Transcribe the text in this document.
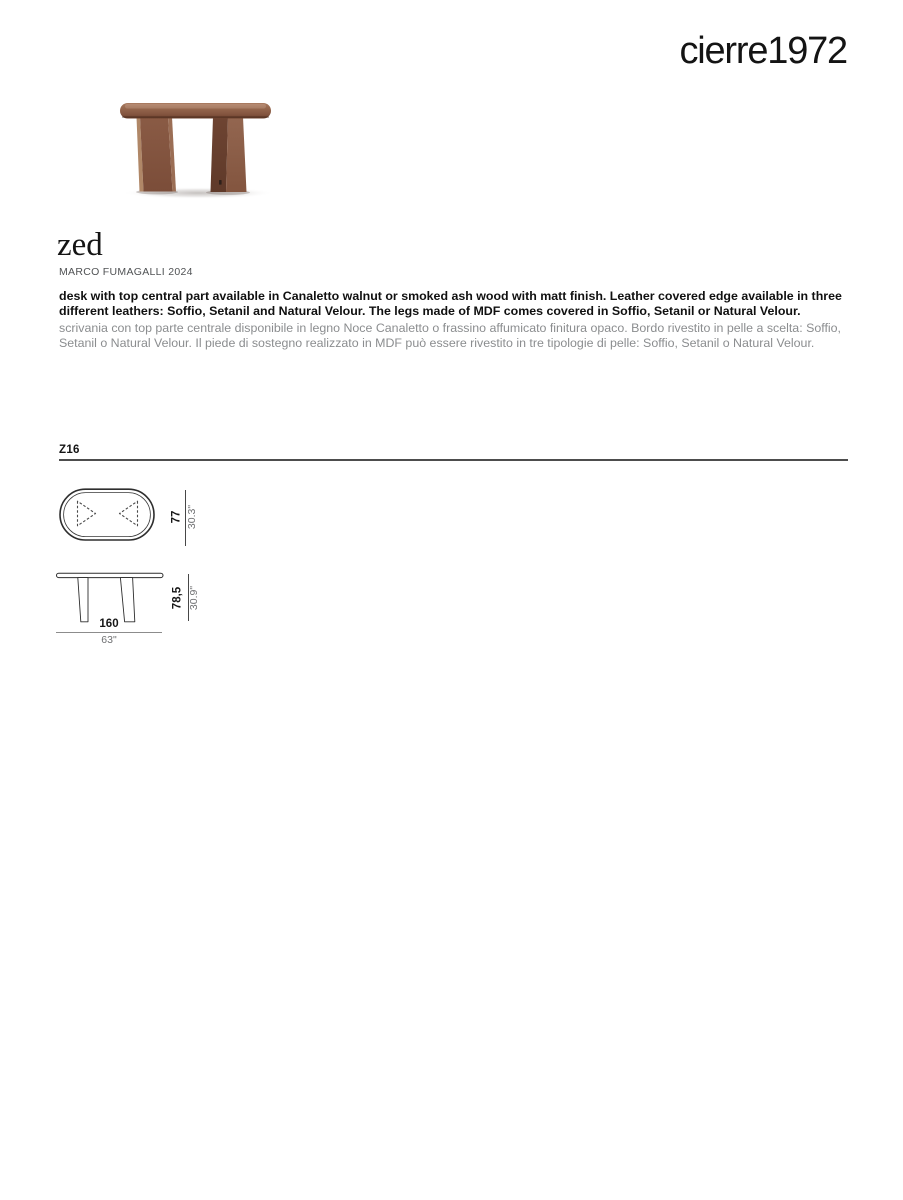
cierre1972
zed
MARCO FUMAGALLI 2024

desk with top central part available in Canaletto walnut or smoked ash wood with matt finish. Leather covered edge available in three different leathers: Soffio, Setanil and Natural Velour. The legs made of MDF comes covered in Soffio, Setanil or Natural Velour.

scrivania con top parte centrale disponibile in legno Noce Canaletto o frassino affumicato finitura opaco. Bordo rivestito in pelle a scelta: Soffio, Setanil o Natural Velour. Il piede di sostegno realizzato in MDF può essere rivestito in tre tipologie di pelle: Soffio, Setanil o Natural Velour.

Z16
77 30.3"
78,5 30.9"
160
63"
